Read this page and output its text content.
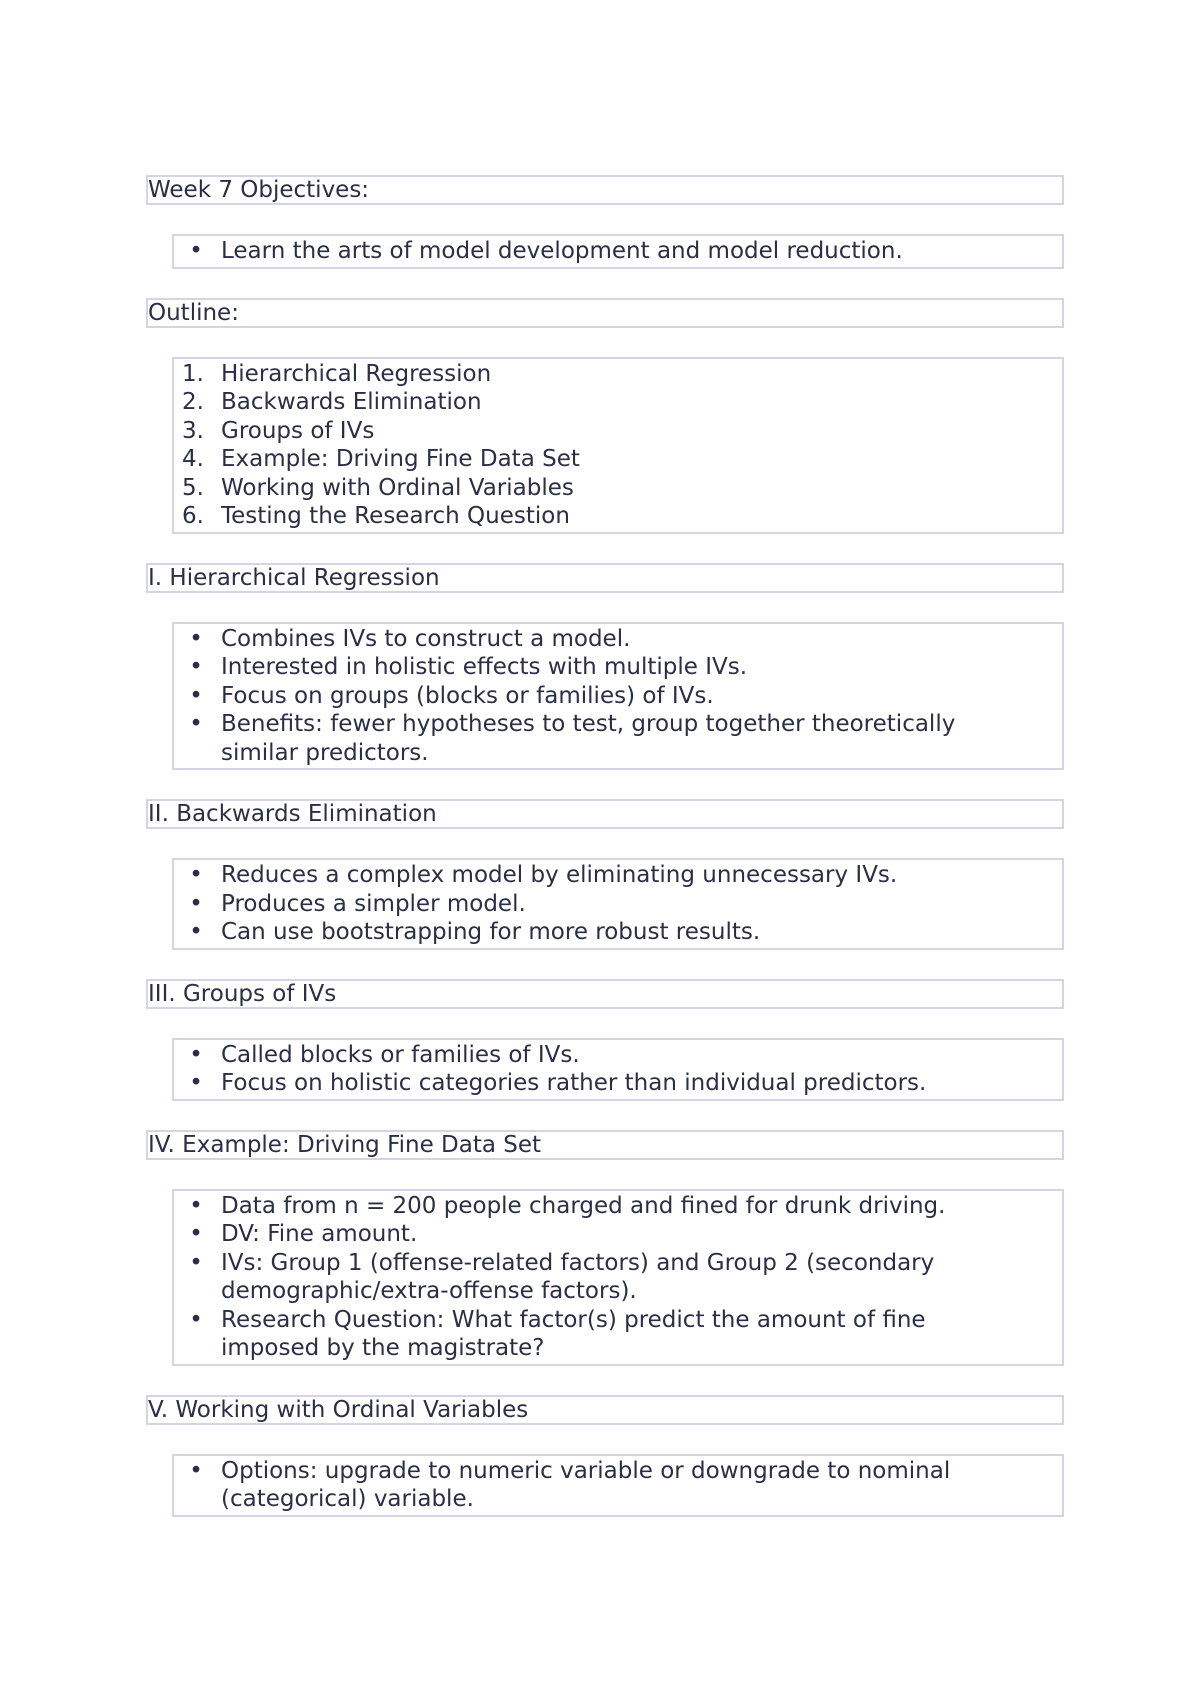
Week 7 Objectives:
• Learn the arts of model development and model reduction.
Outline:
1. Hierarchical Regression
2. Backwards Elimination
3. Groups of IVs
4. Example: Driving Fine Data Set
5. Working with Ordinal Variables
6. Testing the Research Question
I. Hierarchical Regression
• Combines IVs to construct a model.
• Interested in holistic effects with multiple IVs.
• Focus on groups (blocks or families) of IVs.
• Benefits: fewer hypotheses to test, group together theoretically similar predictors.
II. Backwards Elimination
• Reduces a complex model by eliminating unnecessary IVs.
• Produces a simpler model.
• Can use bootstrapping for more robust results.
III. Groups of IVs
• Called blocks or families of IVs.
• Focus on holistic categories rather than individual predictors.
IV. Example: Driving Fine Data Set
• Data from n = 200 people charged and fined for drunk driving.
• DV: Fine amount.
• IVs: Group 1 (offense-related factors) and Group 2 (secondary demographic/extra-offense factors).
• Research Question: What factor(s) predict the amount of fine imposed by the magistrate?
V. Working with Ordinal Variables
• Options: upgrade to numeric variable or downgrade to nominal (categorical) variable.
